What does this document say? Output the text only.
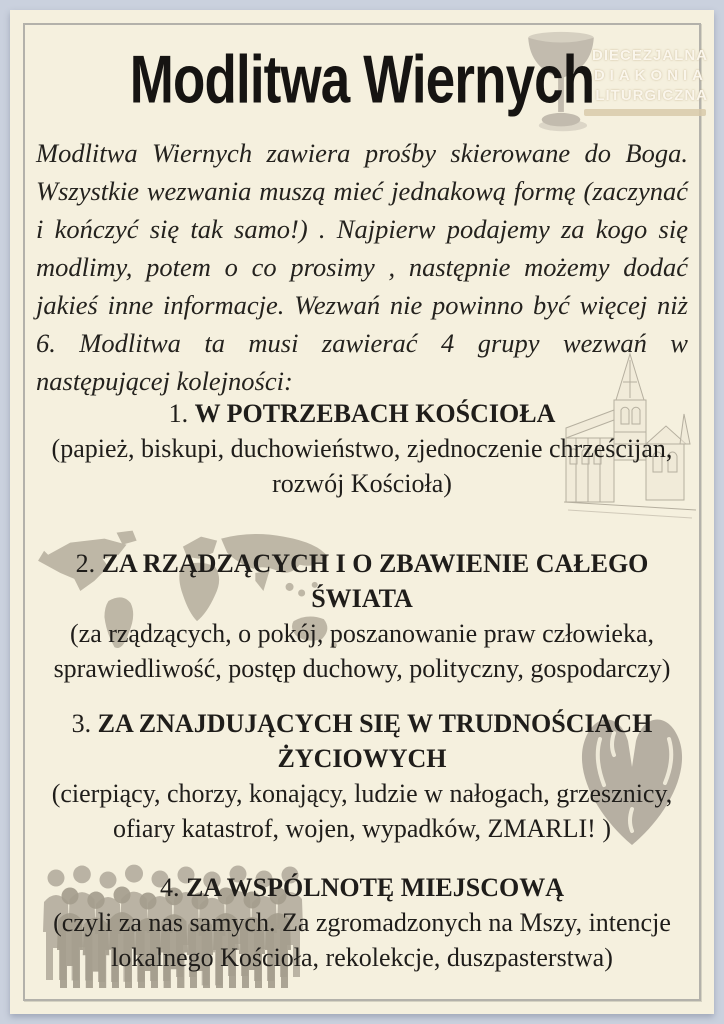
DIECEZJALNA
DIAKONIA
LITURGICZNA
Modlitwa Wiernych
Modlitwa Wiernych zawiera prośby skierowane do Boga. Wszystkie wezwania muszą mieć jednakową formę (zaczynać i kończyć się tak samo!) . Najpierw podajemy za kogo się modlimy, potem o co prosimy , następnie możemy dodać jakieś inne informacje. Wezwań nie powinno być więcej niż 6. Modlitwa ta musi zawierać 4 grupy wezwań w następującej kolejności:
1. W POTRZEBACH KOŚCIOŁA
(papież, biskupi, duchowieństwo, zjednoczenie chrześcijan, rozwój Kościoła)
2. ZA RZĄDZĄCYCH I O ZBAWIENIE CAŁEGO ŚWIATA
(za rządzących, o pokój, poszanowanie praw człowieka, sprawiedliwość, postęp duchowy, polityczny, gospodarczy)
3. ZA ZNAJDUJĄCYCH SIĘ W TRUDNOŚCIACH ŻYCIOWYCH
(cierpiący, chorzy, konający, ludzie w nałogach, grzesznicy, ofiary katastrof, wojen, wypadków, ZMARLI! )
4. ZA WSPÓLNOTĘ MIEJSCOWĄ
(czyli za nas samych. Za zgromadzonych na Mszy, intencje lokalnego Kościoła, rekolekcje, duszpasterstwa)
